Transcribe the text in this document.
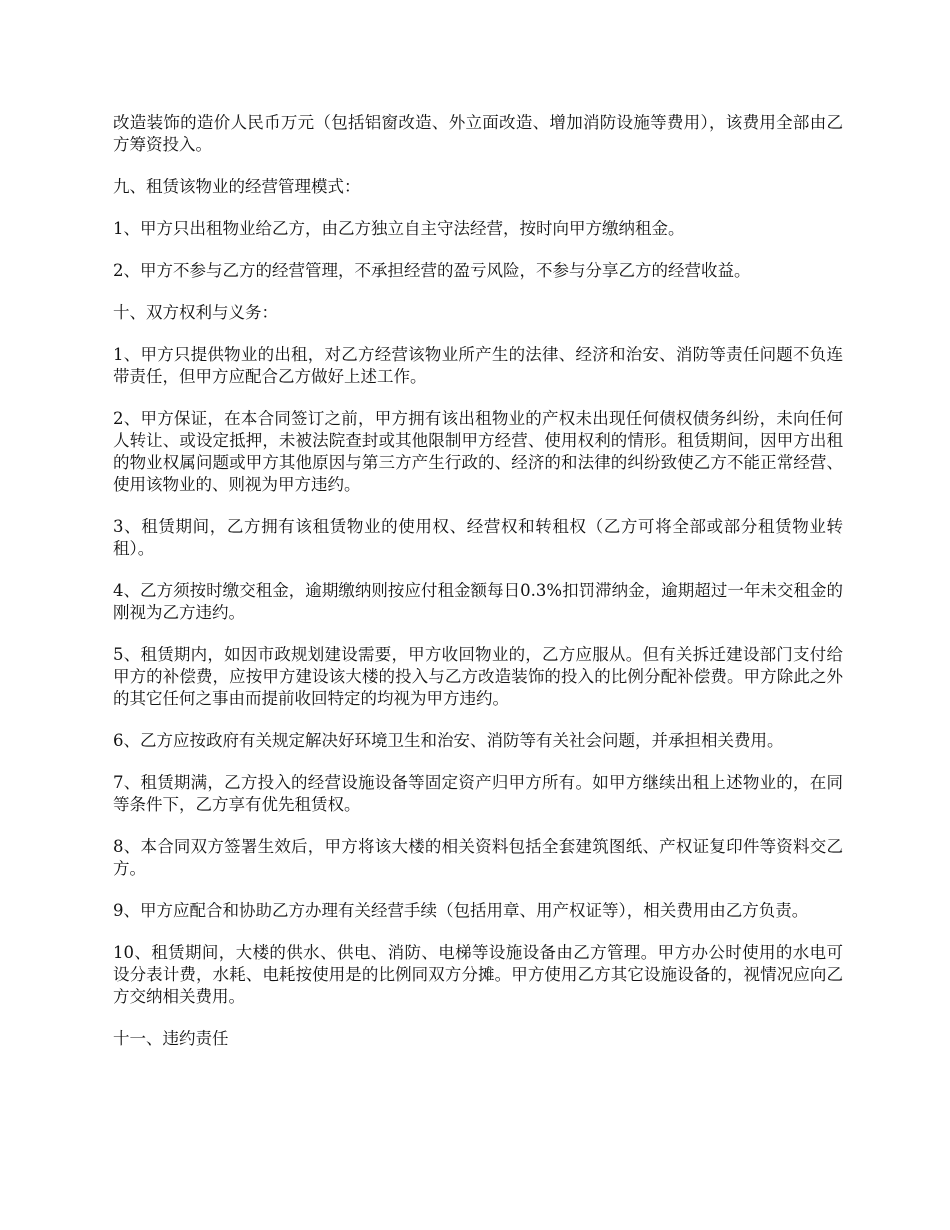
改造装饰的造价人民币万元（包括铝窗改造、外立面改造、增加消防设施等费用），该费用全部由乙方筹资投入。

九、租赁该物业的经营管理模式：

1、甲方只出租物业给乙方，由乙方独立自主守法经营，按时向甲方缴纳租金。

2、甲方不参与乙方的经营管理，不承担经营的盈亏风险，不参与分享乙方的经营收益。

十、双方权利与义务：

1、甲方只提供物业的出租，对乙方经营该物业所产生的法律、经济和治安、消防等责任问题不负连带责任，但甲方应配合乙方做好上述工作。

2、甲方保证，在本合同签订之前，甲方拥有该出租物业的产权未出现任何债权债务纠纷，未向任何人转让、或设定抵押，未被法院查封或其他限制甲方经营、使用权利的情形。租赁期间，因甲方出租的物业权属问题或甲方其他原因与第三方产生行政的、经济的和法律的纠纷致使乙方不能正常经营、使用该物业的、则视为甲方违约。

3、租赁期间，乙方拥有该租赁物业的使用权、经营权和转租权（乙方可将全部或部分租赁物业转租）。

4、乙方须按时缴交租金，逾期缴纳则按应付租金额每日0.3%扣罚滞纳金，逾期超过一年未交租金的刚视为乙方违约。

5、租赁期内，如因市政规划建设需要，甲方收回物业的，乙方应服从。但有关拆迁建设部门支付给甲方的补偿费，应按甲方建设该大楼的投入与乙方改造装饰的投入的比例分配补偿费。甲方除此之外的其它任何之事由而提前收回特定的均视为甲方违约。

6、乙方应按政府有关规定解决好环境卫生和治安、消防等有关社会问题，并承担相关费用。

7、租赁期满，乙方投入的经营设施设备等固定资产归甲方所有。如甲方继续出租上述物业的，在同等条件下，乙方享有优先租赁权。

8、本合同双方签署生效后，甲方将该大楼的相关资料包括全套建筑图纸、产权证复印件等资料交乙方。

9、甲方应配合和协助乙方办理有关经营手续（包括用章、用产权证等），相关费用由乙方负责。

10、租赁期间，大楼的供水、供电、消防、电梯等设施设备由乙方管理。甲方办公时使用的水电可设分表计费，水耗、电耗按使用是的比例同双方分摊。甲方使用乙方其它设施设备的，视情况应向乙方交纳相关费用。

十一、违约责任
